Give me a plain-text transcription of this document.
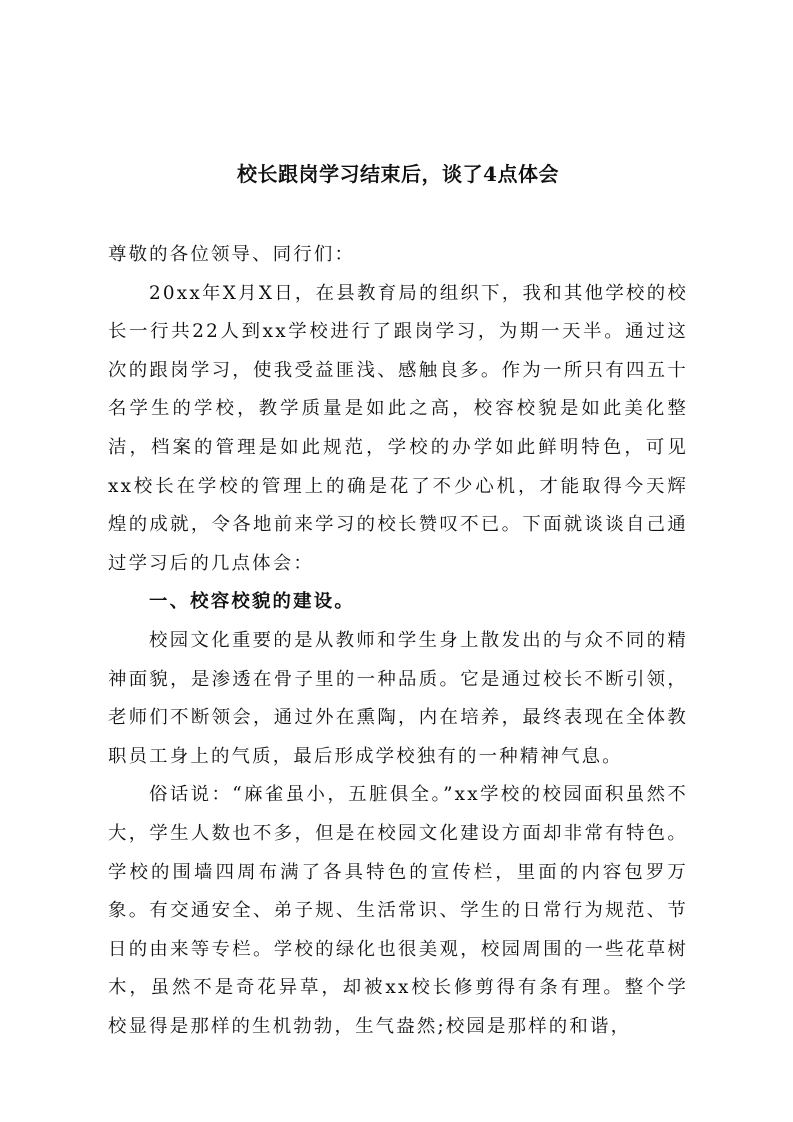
校长跟岗学习结束后，谈了4点体会

尊敬的各位领导、同行们：

20xx年X月X日，在县教育局的组织下，我和其他学校的校长一行共22人到xx学校进行了跟岗学习，为期一天半。通过这次的跟岗学习，使我受益匪浅、感触良多。作为一所只有四五十名学生的学校，教学质量是如此之高，校容校貌是如此美化整洁，档案的管理是如此规范，学校的办学如此鲜明特色，可见xx校长在学校的管理上的确是花了不少心机，才能取得今天辉煌的成就，令各地前来学习的校长赞叹不已。下面就谈谈自己通过学习后的几点体会：

一、校容校貌的建设。

校园文化重要的是从教师和学生身上散发出的与众不同的精神面貌，是渗透在骨子里的一种品质。它是通过校长不断引领，老师们不断领会，通过外在熏陶，内在培养，最终表现在全体教职员工身上的气质，最后形成学校独有的一种精神气息。

俗话说：“麻雀虽小，五脏俱全。”xx学校的校园面积虽然不大，学生人数也不多，但是在校园文化建设方面却非常有特色。学校的围墙四周布满了各具特色的宣传栏，里面的内容包罗万象。有交通安全、弟子规、生活常识、学生的日常行为规范、节日的由来等专栏。学校的绿化也很美观，校园周围的一些花草树木，虽然不是奇花异草，却被xx校长修剪得有条有理。整个学校显得是那样的生机勃勃，生气盎然;校园是那样的和谐，
